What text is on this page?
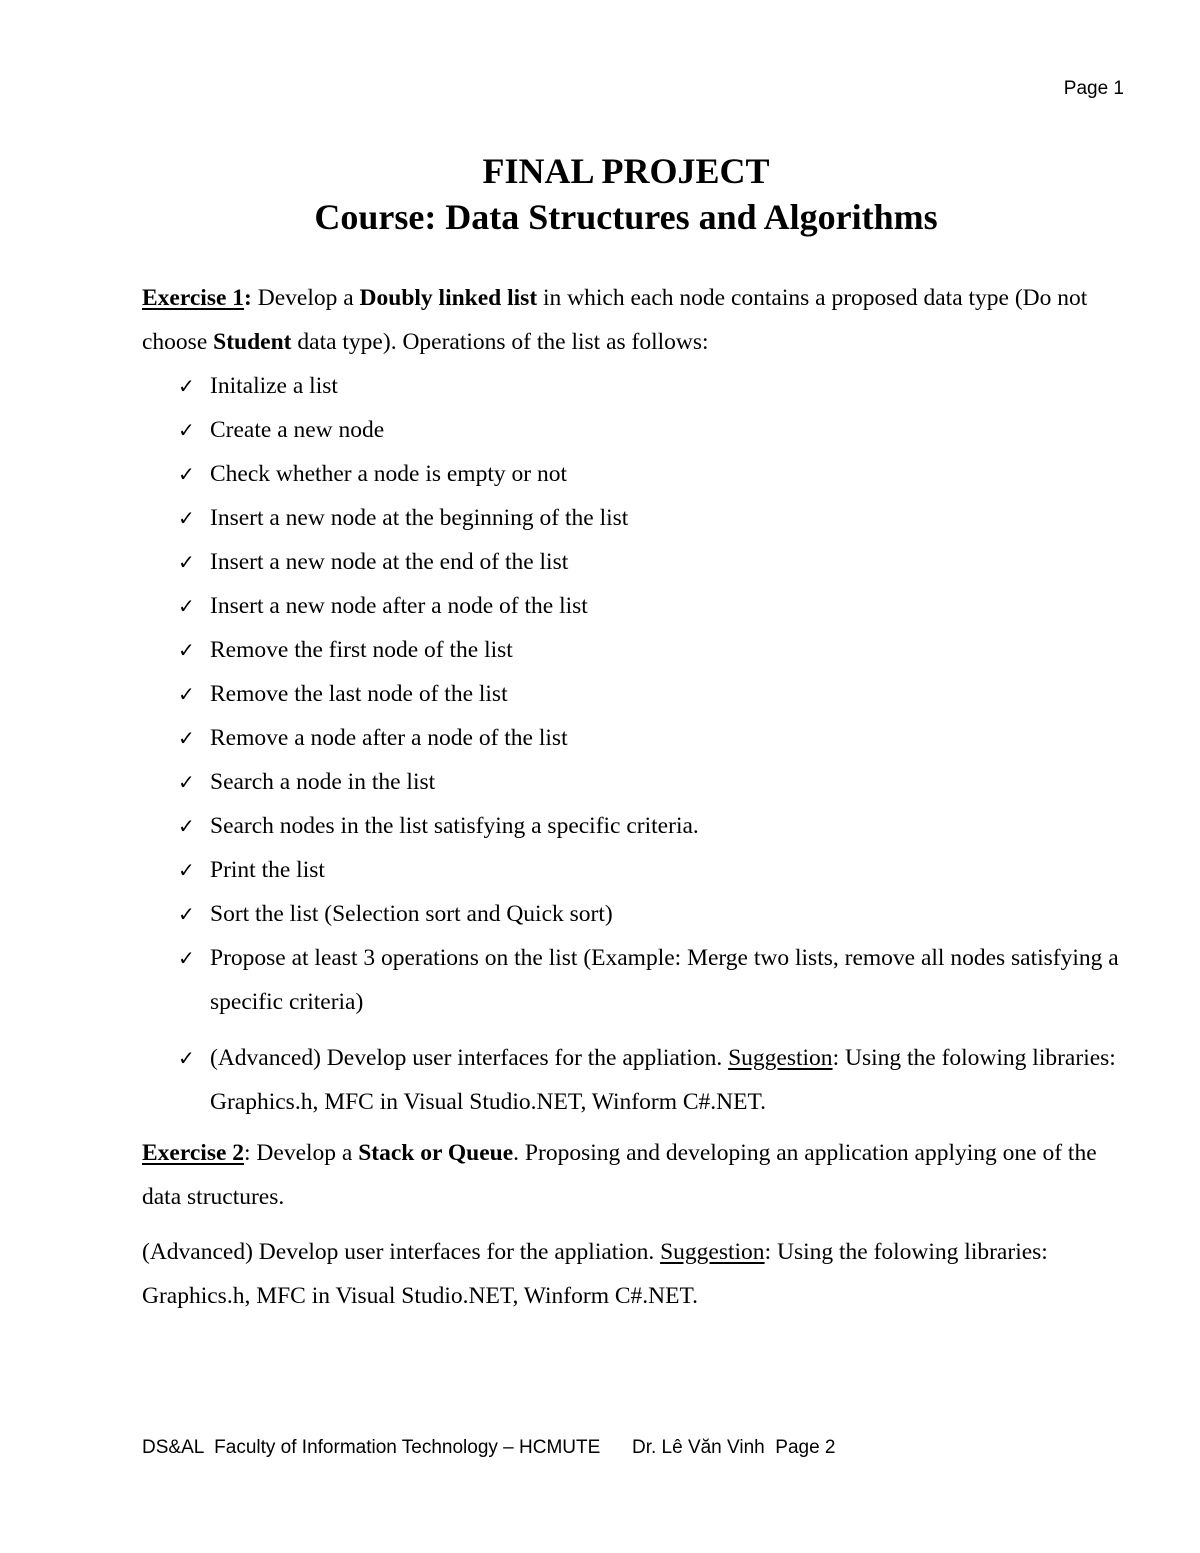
Page 1
FINAL PROJECT
Course: Data Structures and Algorithms
Exercise 1: Develop a Doubly linked list in which each node contains a proposed data type (Do not choose Student data type). Operations of the list as follows:
✓ Initalize a list
✓ Create a new node
✓ Check whether a node is empty or not
✓ Insert a new node at the beginning of the list
✓ Insert a new node at the end of the list
✓ Insert a new node after a node of the list
✓ Remove the first node of the list
✓ Remove the last node of the list
✓ Remove a node after a node of the list
✓ Search a node in the list
✓ Search nodes in the list satisfying a specific criteria.
✓ Print the list
✓ Sort the list (Selection sort and Quick sort)
✓ Propose at least 3 operations on the list (Example: Merge two lists, remove all nodes satisfying a specific criteria)
✓ (Advanced) Develop user interfaces for the appliation. Suggestion: Using the folowing libraries: Graphics.h, MFC in Visual Studio.NET, Winform C#.NET.
Exercise 2: Develop a Stack or Queue. Proposing and developing an application applying one of the data structures.
(Advanced) Develop user interfaces for the appliation. Suggestion: Using the folowing libraries: Graphics.h, MFC in Visual Studio.NET, Winform C#.NET.
DS&AL  Faculty of Information Technology – HCMUTE      Dr. Lê Văn Vinh  Page 2
